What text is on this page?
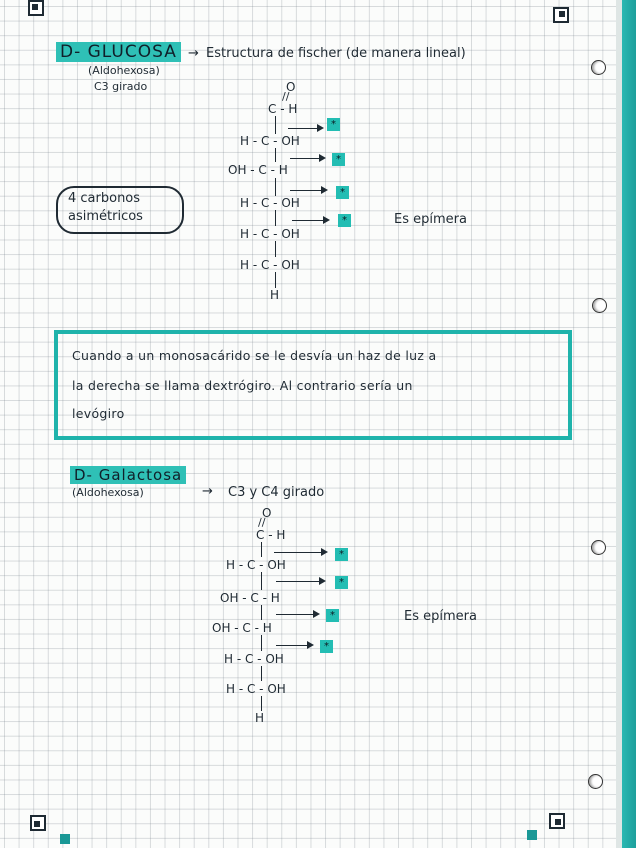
D- GLUCOSA → Estructura de fischer (de manera lineal)
(Aldohexosa)
C3 girado
4 carbonos
asimétricos
O
//
C - H
H - C - OH
OH - C - H
H - C - OH
H - C - OH
H - C - OH
H
*
*
*
*	Es epímera
Cuando a un monosacárido se le desvía un haz de luz a
la derecha se llama dextrógiro. Al contrario sería un
levógiro
D- Galactosa
(Aldohexosa)	→ C3 y C4 girado
O
//
C - H
H - C - OH
OH - C - H
OH - C - H
H - C - OH
H - C - OH
H
*
*
*
*
Es epímera
